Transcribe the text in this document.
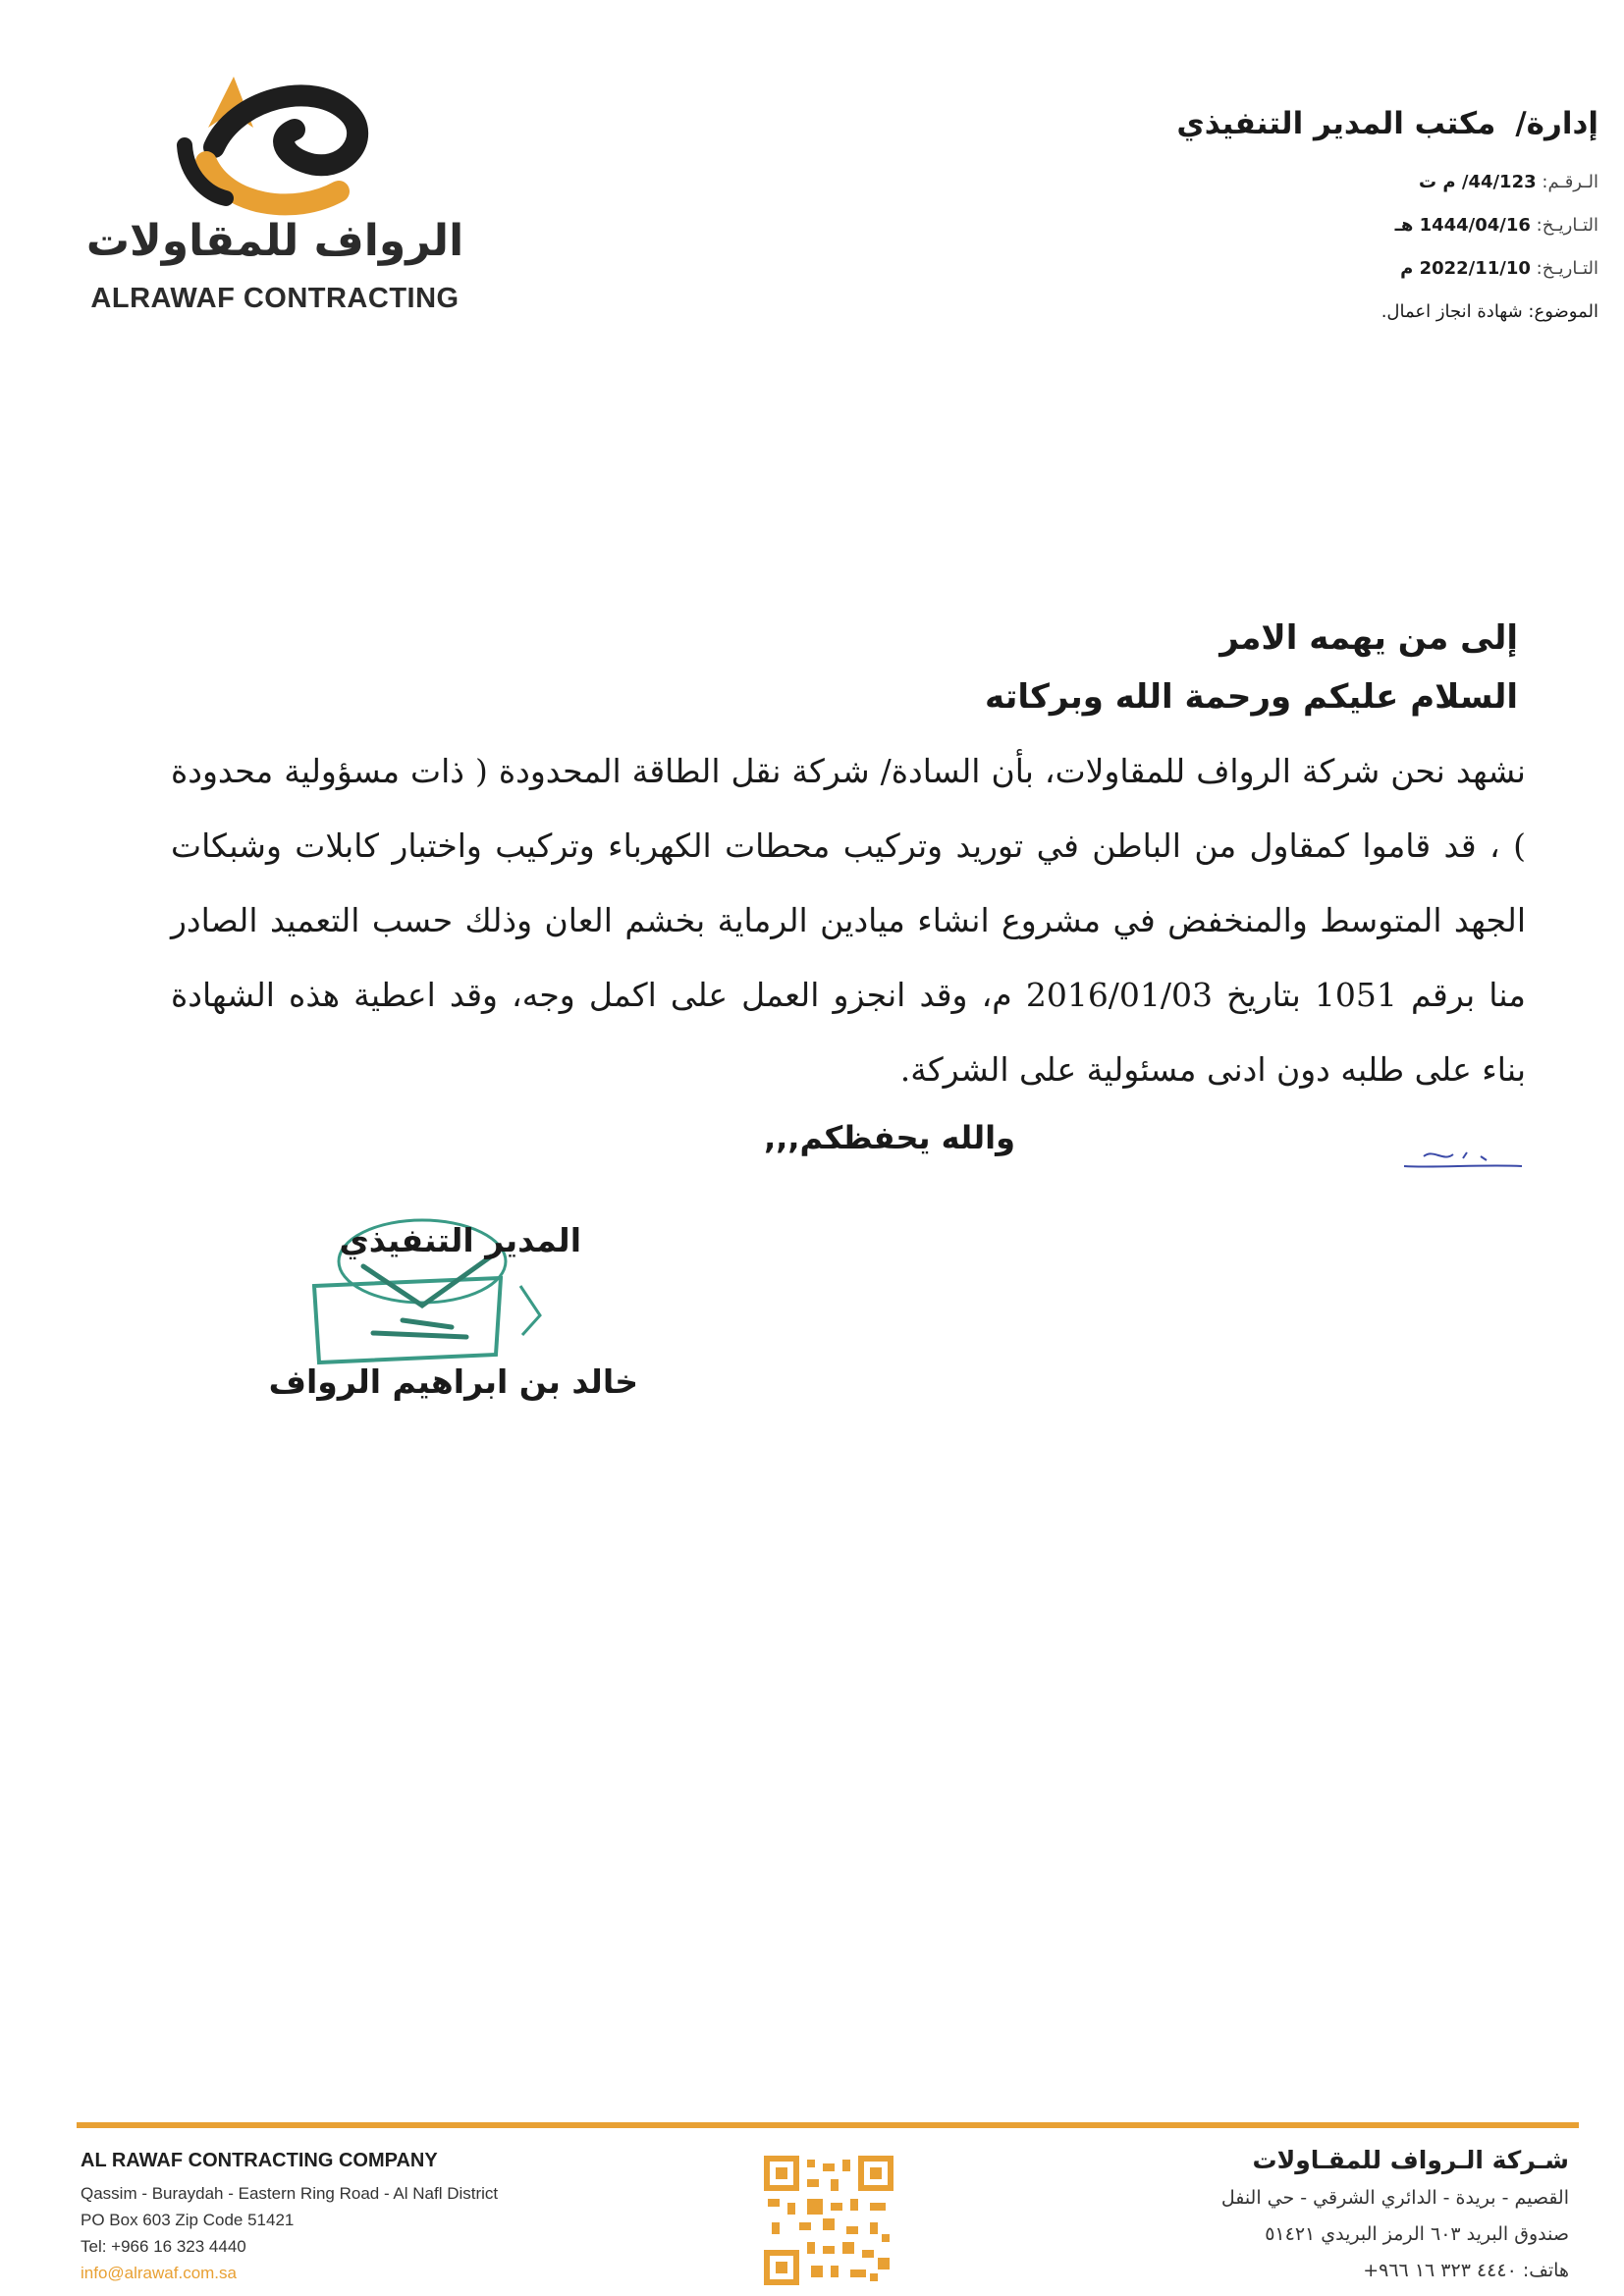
الرواف للمقاولات
ALRAWAF CONTRACTING
إدارة/مكتب المدير التنفيذي
الـرقـم: 44/123/ م ت
التـاريـخ: 1444/04/16 هـ
التـاريـخ: 2022/11/10 م
الموضوع: شهادة انجاز اعمال.
إلى من يهمه الامر
السلام عليكم ورحمة الله وبركاته

نشهد نحن شركة الرواف للمقاولات، بأن السادة/ شركة نقل الطاقة المحدودة ( ذات مسؤولية محدودة ) ، قد قاموا كمقاول من الباطن في توريد وتركيب محطات الكهرباء وتركيب واختبار كابلات وشبكات الجهد المتوسط والمنخفض في مشروع انشاء ميادين الرماية بخشم العان وذلك حسب التعميد الصادر منا برقم 1051 بتاريخ 2016/01/03 م، وقد انجزو العمل على اكمل وجه، وقد اعطية هذه الشهادة بناء على طلبه دون ادنى مسئولية على الشركة.

والله يحفظكم,,,
المدير التنفيذي
خالد بن ابراهيم الرواف
AL RAWAF CONTRACTING COMPANY
Qassim - Buraydah - Eastern Ring Road - Al Nafl District
PO Box 603 Zip Code 51421
Tel: +966 16 323 4440
info@alrawaf.com.sa
شـركة الـرواف للمقـاولات
القصيم - بريدة - الدائري الشرقي - حي النفل
صندوق البريد ٦٠٣ الرمز البريدي ٥١٤٢١
هاتف: ٤٤٤٠ ٣٢٣ ١٦ ٩٦٦+
